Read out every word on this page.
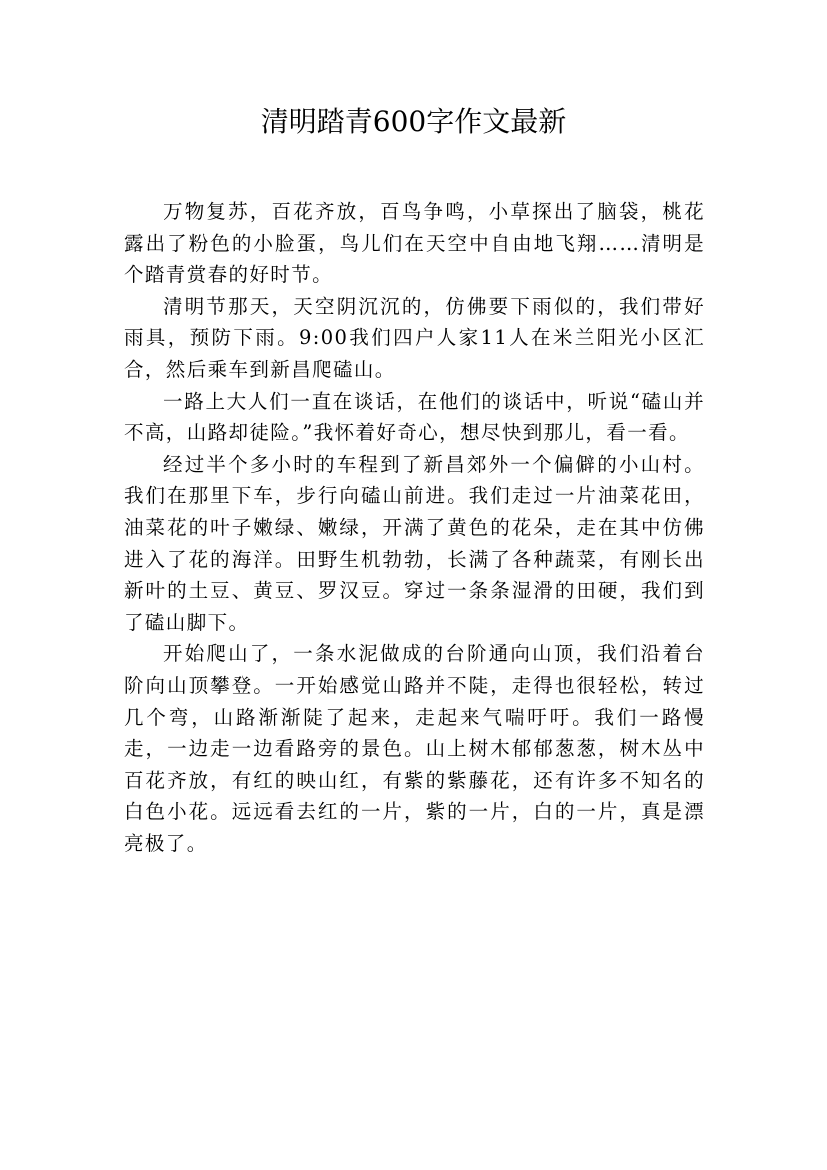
清明踏青600字作文最新

万物复苏，百花齐放，百鸟争鸣，小草探出了脑袋，桃花露出了粉色的小脸蛋，鸟儿们在天空中自由地飞翔……清明是个踏青赏春的好时节。

清明节那天，天空阴沉沉的，仿佛要下雨似的，我们带好雨具，预防下雨。9:00我们四户人家11人在米兰阳光小区汇合，然后乘车到新昌爬磕山。

一路上大人们一直在谈话，在他们的谈话中，听说“磕山并不高，山路却徒险。”我怀着好奇心，想尽快到那儿，看一看。

经过半个多小时的车程到了新昌郊外一个偏僻的小山村。我们在那里下车，步行向磕山前进。我们走过一片油菜花田，油菜花的叶子嫩绿、嫩绿，开满了黄色的花朵，走在其中仿佛进入了花的海洋。田野生机勃勃，长满了各种蔬菜，有刚长出新叶的土豆、黄豆、罗汉豆。穿过一条条湿滑的田硬，我们到了磕山脚下。

开始爬山了，一条水泥做成的台阶通向山顶，我们沿着台阶向山顶攀登。一开始感觉山路并不陡，走得也很轻松，转过几个弯，山路渐渐陡了起来，走起来气喘吁吁。我们一路慢走，一边走一边看路旁的景色。山上树木郁郁葱葱，树木丛中百花齐放，有红的映山红，有紫的紫藤花，还有许多不知名的白色小花。远远看去红的一片，紫的一片，白的一片，真是漂亮极了。
